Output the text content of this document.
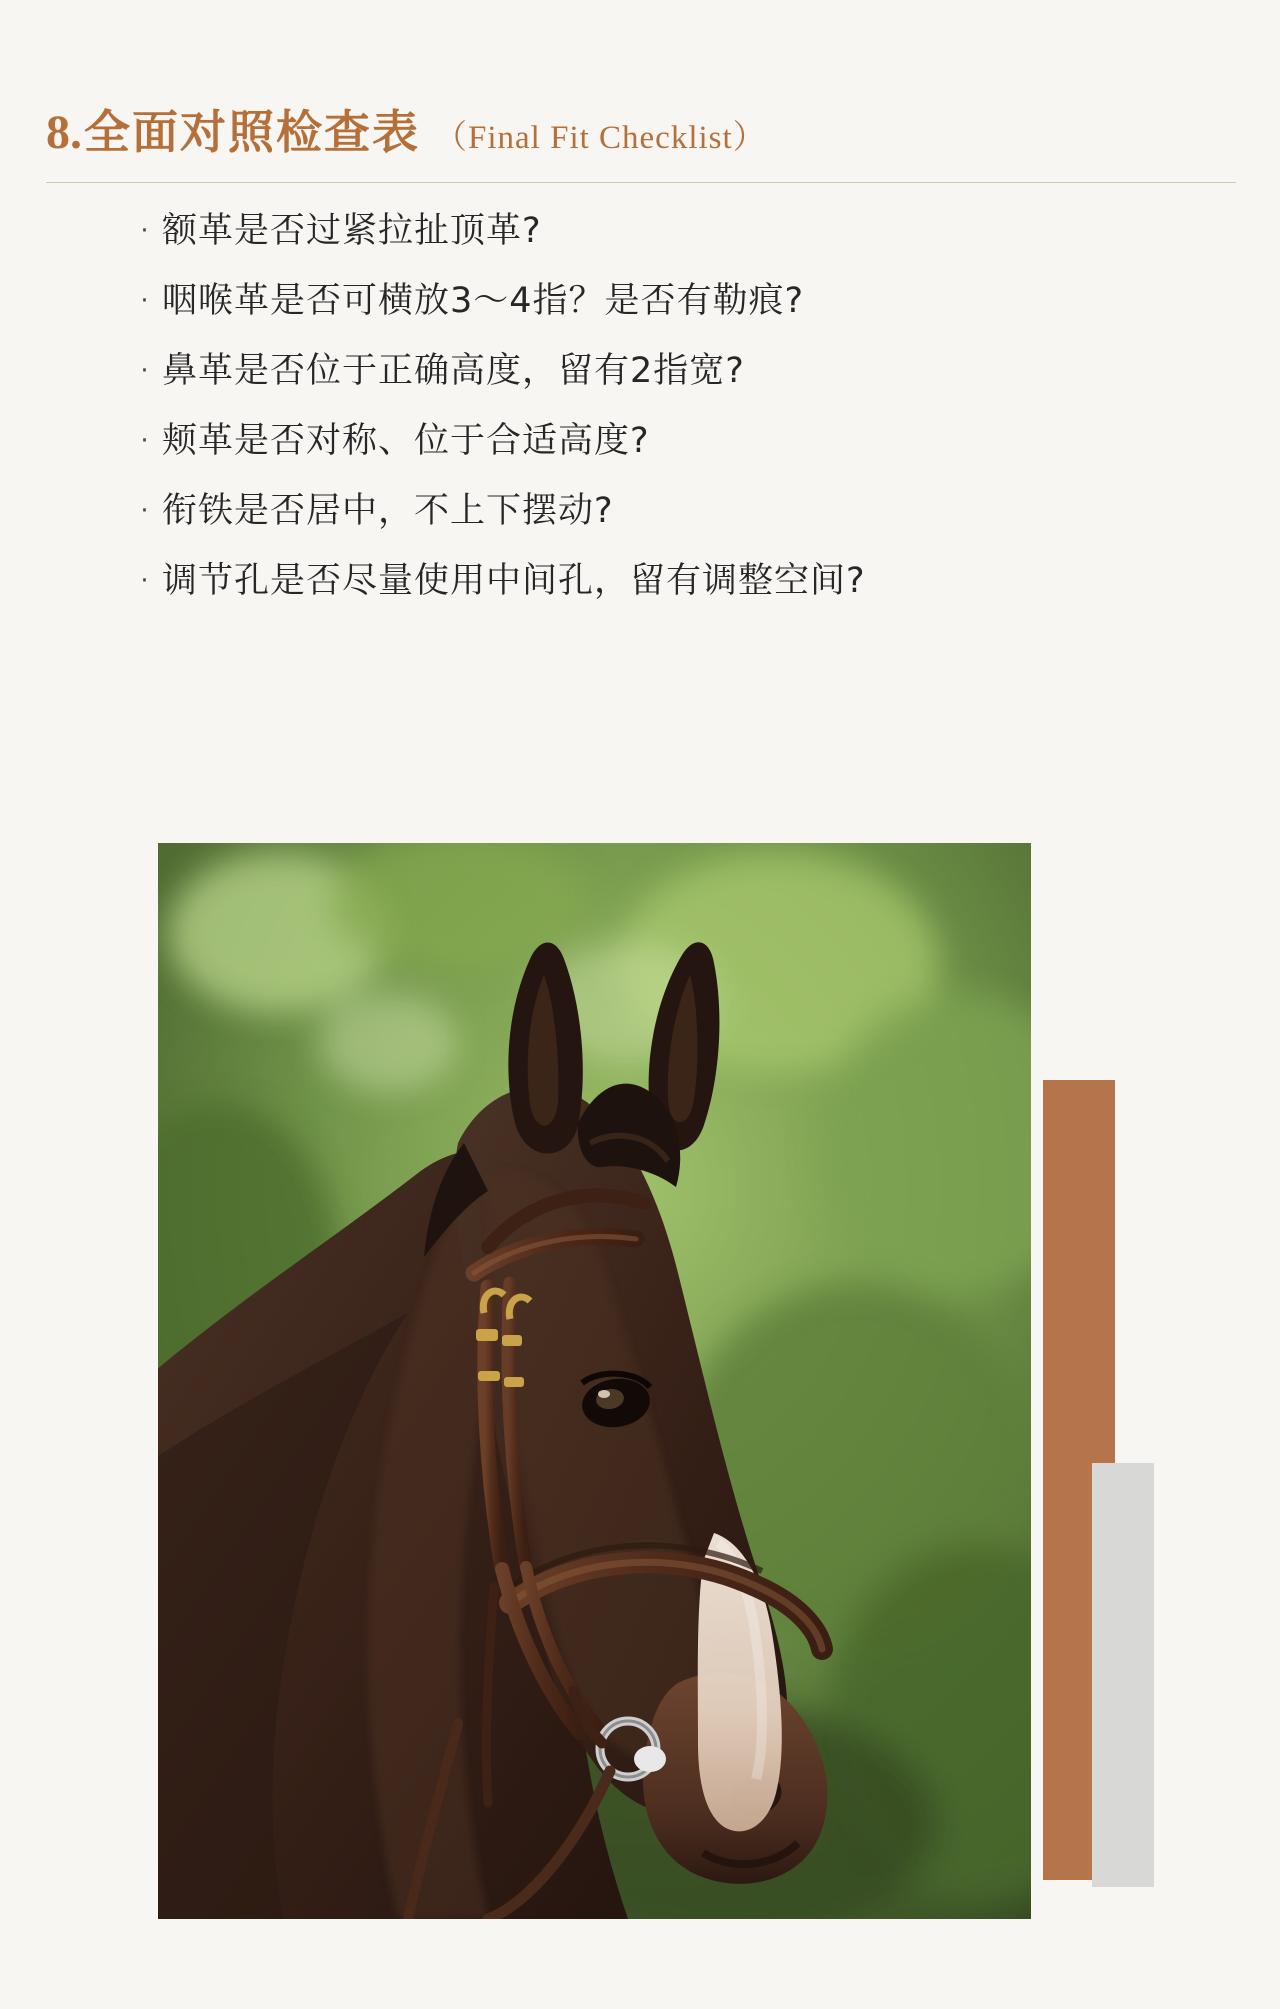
8. 全面对照检查表 （Final Fit Checklist）
· 额革是否过紧拉扯顶革?
· 咽喉革是否可横放3～4指？是否有勒痕?
· 鼻革是否位于正确高度，留有2指宽?
· 颊革是否对称、位于合适高度?
· 衔铁是否居中，不上下摆动?
· 调节孔是否尽量使用中间孔，留有调整空间?
